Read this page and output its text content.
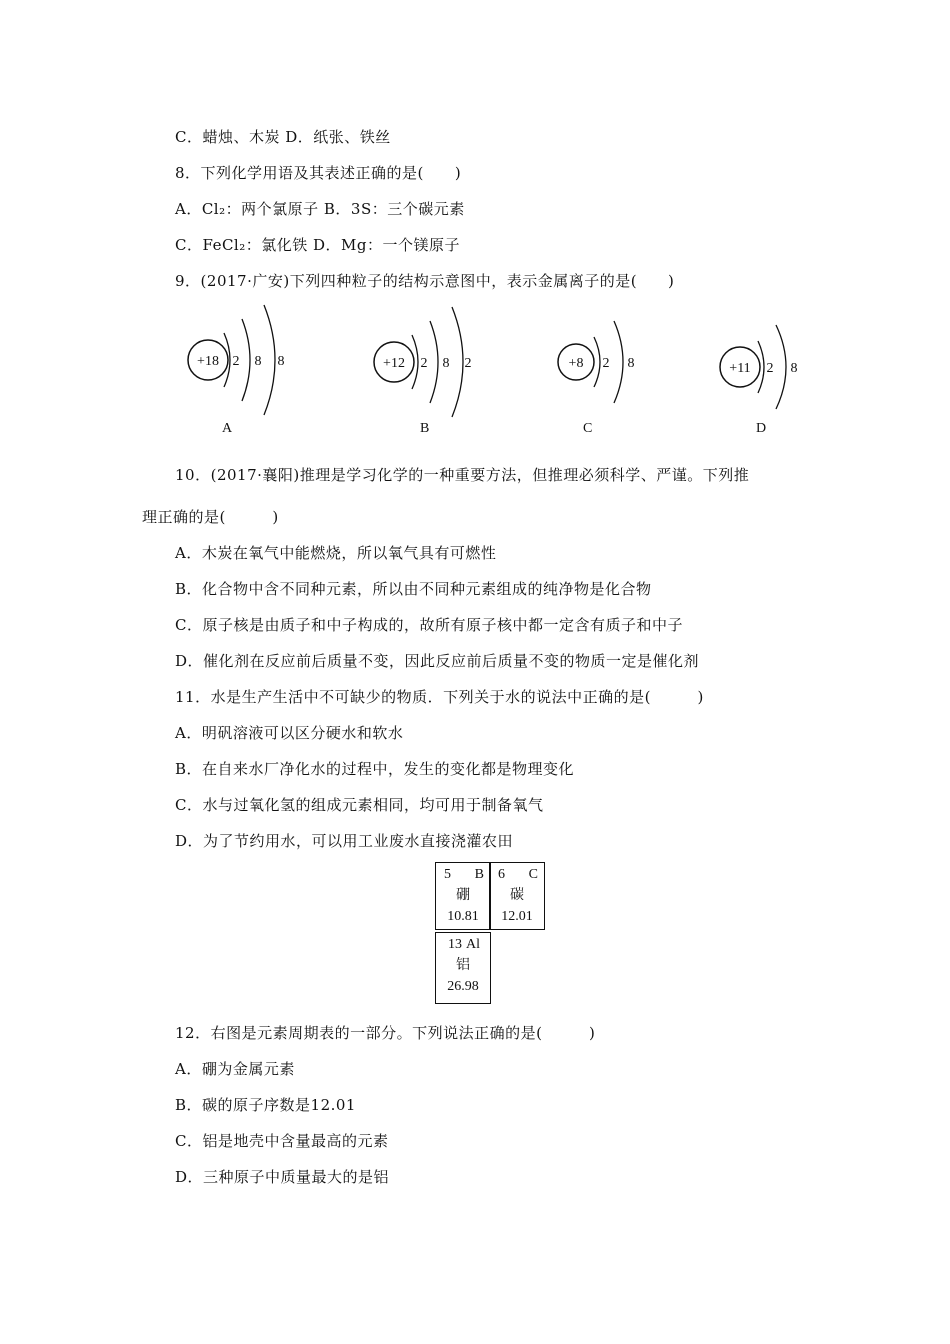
C．蜡烛、木炭 D．纸张、铁丝
8．下列化学用语及其表述正确的是(　　)
A．Cl₂：两个氯原子 B．3S：三个碳元素
C．FeCl₂：氯化铁 D．Mg：一个镁原子
9．(2017·广安)下列四种粒子的结构示意图中，表示金属离子的是(　　)
+18 2 8 8
A
+12 2 8 2
B
+8 2 8
C
+11 2 8
D
10．(2017·襄阳)推理是学习化学的一种重要方法，但推理必须科学、严谨。下列推
理正确的是(　　　)
A．木炭在氧气中能燃烧，所以氧气具有可燃性
B．化合物中含不同种元素，所以由不同种元素组成的纯净物是化合物
C．原子核是由质子和中子构成的，故所有原子核中都一定含有质子和中子
D．催化剂在反应前后质量不变，因此反应前后质量不变的物质一定是催化剂
11．水是生产生活中不可缺少的物质．下列关于水的说法中正确的是(　　　)
A．明矾溶液可以区分硬水和软水
B．在自来水厂净化水的过程中，发生的变化都是物理变化
C．水与过氧化氢的组成元素相同，均可用于制备氧气
D．为了节约用水，可以用工业废水直接浇灌农田
5 B
硼
10.81
6 C
碳
12.01
13 Al
铝
26.98
12．右图是元素周期表的一部分。下列说法正确的是(　　　)
A．硼为金属元素
B．碳的原子序数是12.01
C．铝是地壳中含量最高的元素
D．三种原子中质量最大的是铝
